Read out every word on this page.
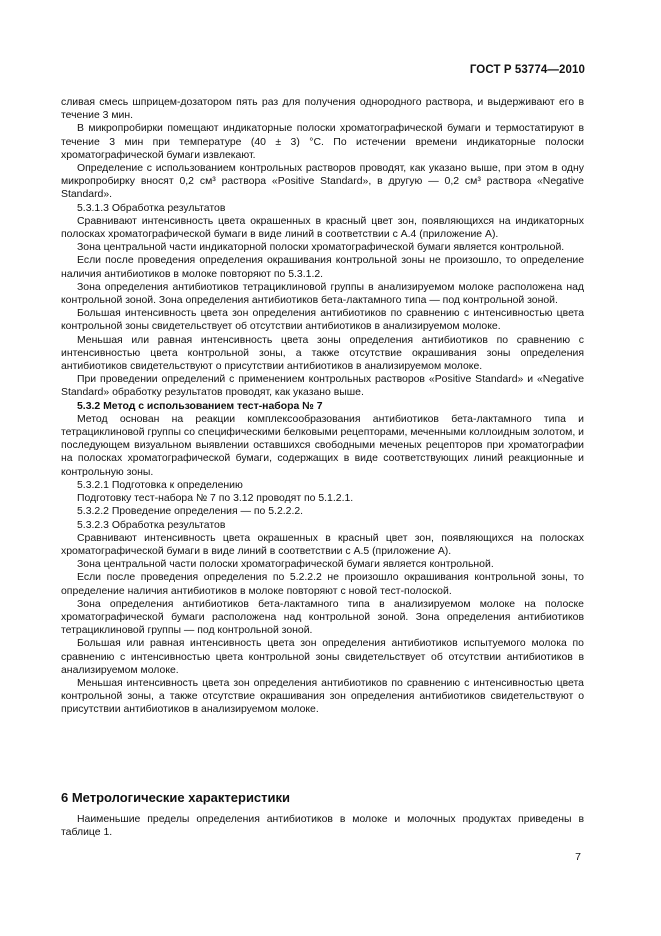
ГОСТ Р 53774—2010

сливая смесь шприцем-дозатором пять раз для получения однородного раствора, и выдерживают его в течение 3 мин.

В микропробирки помещают индикаторные полоски хроматографической бумаги и термостатируют в течение 3 мин при температуре (40 ± 3) °С. По истечении времени индикаторные полоски хроматографической бумаги извлекают.

Определение с использованием контрольных растворов проводят, как указано выше, при этом в одну микропробирку вносят 0,2 см³ раствора «Positive Standard», в другую — 0,2 см³ раствора «Negative Standard».

5.3.1.3 Обработка результатов

Сравнивают интенсивность цвета окрашенных в красный цвет зон, появляющихся на индикаторных полосках хроматографической бумаги в виде линий в соответствии с А.4 (приложение А).

Зона центральной части индикаторной полоски хроматографической бумаги является контрольной.

Если после проведения определения окрашивания контрольной зоны не произошло, то определение наличия антибиотиков в молоке повторяют по 5.3.1.2.

Зона определения антибиотиков тетрациклиновой группы в анализируемом молоке расположена над контрольной зоной. Зона определения антибиотиков бета-лактамного типа — под контрольной зоной.

Большая интенсивность цвета зон определения антибиотиков по сравнению с интенсивностью цвета контрольной зоны свидетельствует об отсутствии антибиотиков в анализируемом молоке.

Меньшая или равная интенсивность цвета зоны определения антибиотиков по сравнению с интенсивностью цвета контрольной зоны, а также отсутствие окрашивания зоны определения антибиотиков свидетельствуют о присутствии антибиотиков в анализируемом молоке.

При проведении определений с применением контрольных растворов «Positive Standard» и «Negative Standard» обработку результатов проводят, как указано выше.

5.3.2 Метод с использованием тест-набора № 7

Метод основан на реакции комплексообразования антибиотиков бета-лактамного типа и тетрациклиновой группы со специфическими белковыми рецепторами, меченными коллоидным золотом, и последующем визуальном выявлении оставшихся свободными меченых рецепторов при хроматографии на полосках хроматографической бумаги, содержащих в виде соответствующих линий реакционные и контрольную зоны.

5.3.2.1 Подготовка к определению

Подготовку тест-набора № 7 по 3.12 проводят по 5.1.2.1.

5.3.2.2 Проведение определения — по 5.2.2.2.

5.3.2.3 Обработка результатов

Сравнивают интенсивность цвета окрашенных в красный цвет зон, появляющихся на полосках хроматографической бумаги в виде линий в соответствии с А.5 (приложение А).

Зона центральной части полоски хроматографической бумаги является контрольной.

Если после проведения определения по 5.2.2.2 не произошло окрашивания контрольной зоны, то определение наличия антибиотиков в молоке повторяют с новой тест-полоской.

Зона определения антибиотиков бета-лактамного типа в анализируемом молоке на полоске хроматографической бумаги расположена над контрольной зоной. Зона определения антибиотиков тетрациклиновой группы — под контрольной зоной.

Большая или равная интенсивность цвета зон определения антибиотиков испытуемого молока по сравнению с интенсивностью цвета контрольной зоны свидетельствует об отсутствии антибиотиков в анализируемом молоке.

Меньшая интенсивность цвета зон определения антибиотиков по сравнению с интенсивностью цвета контрольной зоны, а также отсутствие окрашивания зон определения антибиотиков свидетельствуют о присутствии антибиотиков в анализируемом молоке.

6 Метрологические характеристики

Наименьшие пределы определения антибиотиков в молоке и молочных продуктах приведены в таблице 1.

7
